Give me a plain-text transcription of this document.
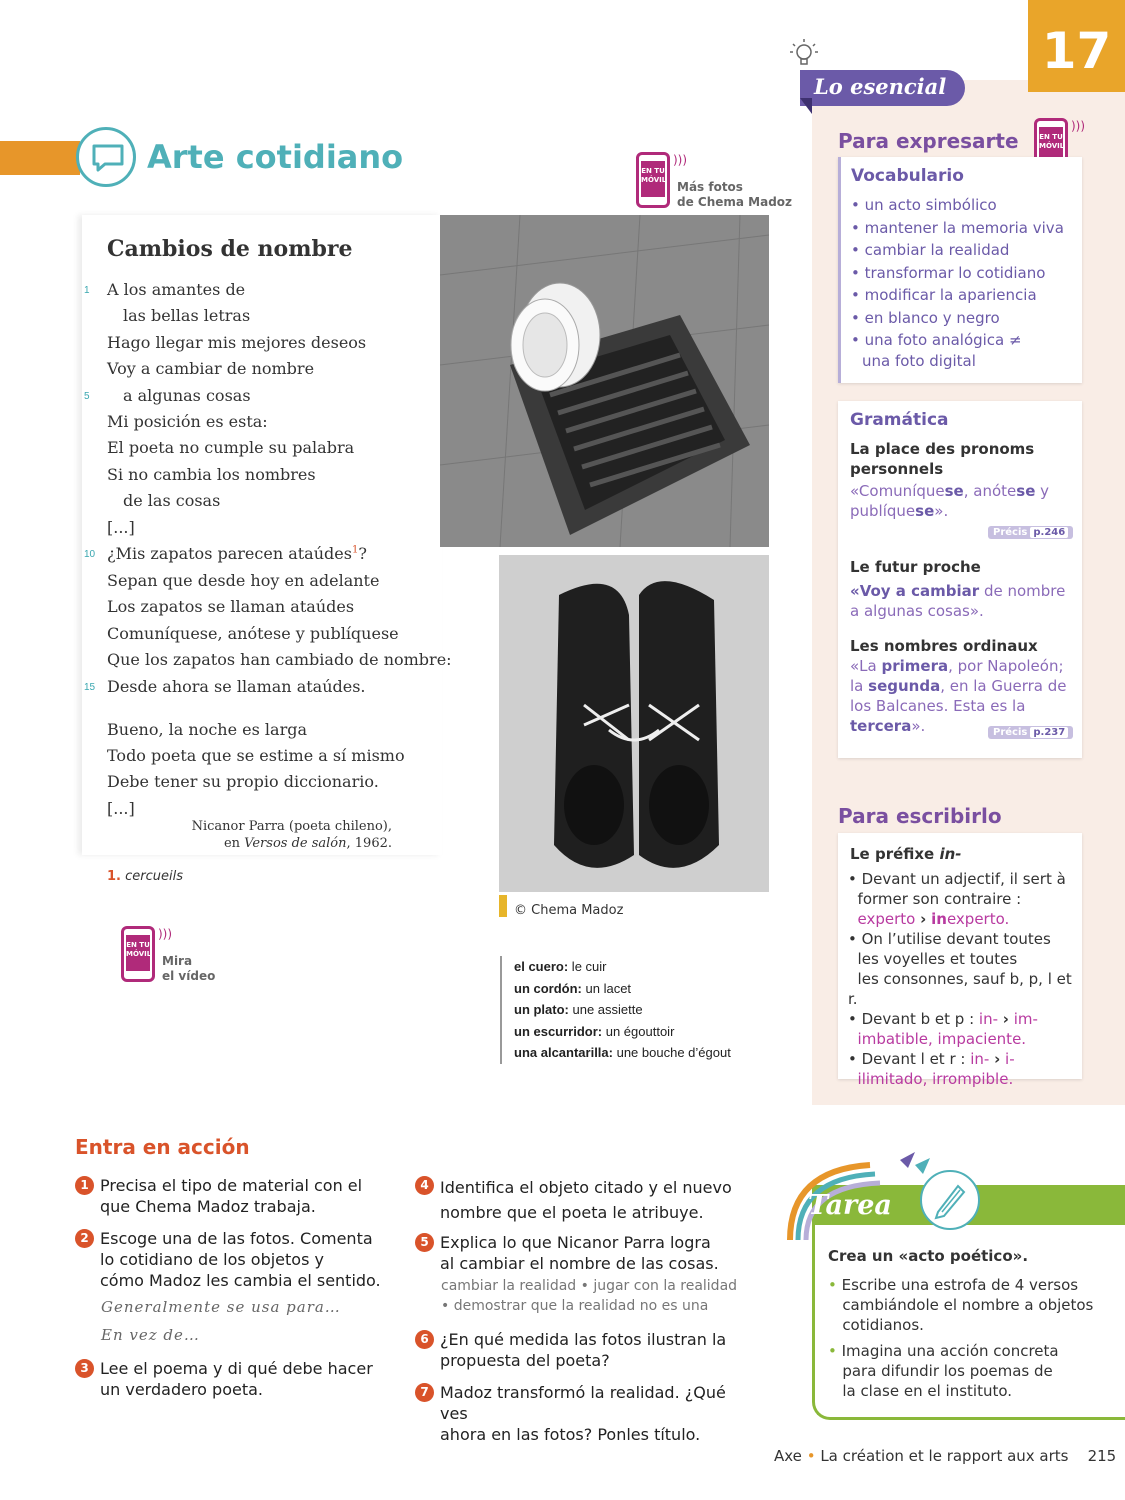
Arte cotidiano	EN TU MÓVIL
)))
Más fotos
de Chema Madoz
Cambios de nombre
1 A los amantes de
las bellas letras
Hago llegar mis mejores deseos
Voy a cambiar de nombre
5 a algunas cosas
Mi posición es esta:
El poeta no cumple su palabra
Si no cambia los nombres
de las cosas
[...]
10 ¿Mis zapatos parecen ataúdes$^1$?
Sepan que desde hoy en adelante
Los zapatos se llaman ataúdes
Comuníquese, anótese y publíquese
Que los zapatos han cambiado de nombre:
15 Desde ahora se llaman ataúdes.
Bueno, la noche es larga
Todo poeta que se estime a sí mismo
Debe tener su propio diccionario.
[...]
Nicanor Parra (poeta chileno),
en Versos de salón, 1962.
1. cercueils
EN TU MÓVIL
)))
Mira
el vídeo
© Chema Madoz
el cuero: le cuir
un cordón: un lacet
un plato: une assiette
un escurridor: un égouttoir
una alcantarilla: une bouche d’égout
17
Lo esencial
Para expresarte	EN TU MÓVIL
)))
Vocabulario
• un acto simbólico
• mantener la memoria viva
• cambiar la realidad
• transformar lo cotidiano
• modificar la apariencia
• en blanco y negro
• una foto analógica ≠
una foto digital
Gramática
La place des pronoms personnels
«Comuníquese, anótese y publíquese».
Précis p.246
Le futur proche
«Voy a cambiar de nombre
a algunas cosas».
Les nombres ordinaux
«La primera, por Napoleón;
la segunda, en la Guerra de
los Balcanes. Esta es la tercera».	Précis p.237
Para escribirlo
Le préfixe in-
• Devant un adjectif, il sert à
former son contraire :
experto › inexperto.
• On l’utilise devant toutes
les voyelles et toutes
les consonnes, sauf b, p, l et r.
• Devant b et p : in- › im-
imbatible, impaciente.
• Devant l et r : in- › i-
ilimitado, irrompible.
Entra en acción
1 Precisa el tipo de material con el
que Chema Madoz trabaja.
2 Escoge una de las fotos. Comenta
lo cotidiano de los objetos y
cómo Madoz les cambia el sentido.
Generalmente se usa para…
En vez de…
3 Lee el poema y di qué debe hacer
un verdadero poeta.
4 Identifica el objeto citado y el nuevo
nombre que el poeta le atribuye.
5 Explica lo que Nicanor Parra logra
al cambiar el nombre de las cosas.
cambiar la realidad • jugar con la realidad
• demostrar que la realidad no es una
6 ¿En qué medida las fotos ilustran la
propuesta del poeta?
7 Madoz transformó la realidad. ¿Qué ves
ahora en las fotos? Ponles título.
Tarea
Crea un «acto poético».
• Escribe una estrofa de 4 versos
cambiándole el nombre a objetos
cotidianos.
• Imagina una acción concreta
para difundir los poemas de
la clase en el instituto.
Axe • La création et le rapport aux arts 215
